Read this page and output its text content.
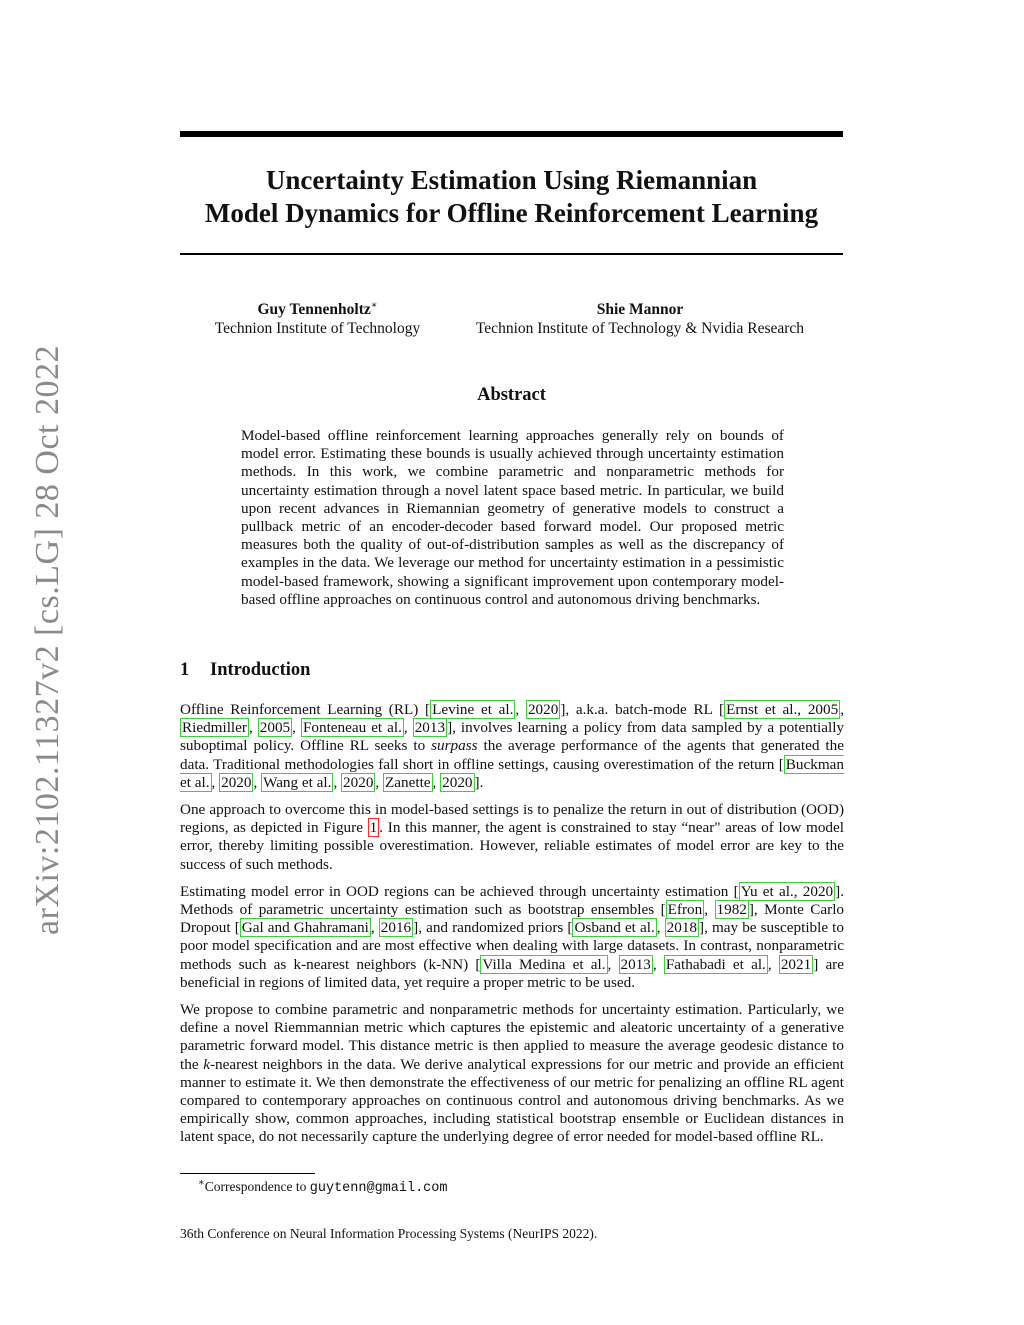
arXiv:2102.11327v2 [cs.LG] 28 Oct 2022
Uncertainty Estimation Using Riemannian
Model Dynamics for Offline Reinforcement Learning
Guy Tennenholtz∗
Technion Institute of Technology
Shie Mannor
Technion Institute of Technology & Nvidia Research
Abstract
Model-based offline reinforcement learning approaches generally rely on bounds of model error. Estimating these bounds is usually achieved through uncertainty estimation methods. In this work, we combine parametric and nonparametric methods for uncertainty estimation through a novel latent space based metric. In particular, we build upon recent advances in Riemannian geometry of generative models to construct a pullback metric of an encoder-decoder based forward model. Our proposed metric measures both the quality of out-of-distribution samples as well as the discrepancy of examples in the data. We leverage our method for uncertainty estimation in a pessimistic model-based framework, showing a significant improvement upon contemporary model-based offline approaches on continuous control and autonomous driving benchmarks.
1 Introduction

Offline Reinforcement Learning (RL) [ Levine et al. , 2020 ], a.k.a. batch-mode RL [ Ernst et al., 2005 , Riedmiller , 2005 , Fonteneau et al. , 2013 ], involves learning a policy from data sampled by a potentially suboptimal policy. Offline RL seeks to surpass the average performance of the agents that generated the data. Traditional methodologies fall short in offline settings, causing overestimation of the return [ Buckman et al. , 2020 , Wang et al. , 2020 , Zanette , 2020 ].

One approach to overcome this in model-based settings is to penalize the return in out of distribution (OOD) regions, as depicted in Figure 1 . In this manner, the agent is constrained to stay “near" areas of low model error, thereby limiting possible overestimation. However, reliable estimates of model error are key to the success of such methods.

Estimating model error in OOD regions can be achieved through uncertainty estimation [ Yu et al., 2020 ]. Methods of parametric uncertainty estimation such as bootstrap ensembles [ Efron , 1982 ], Monte Carlo Dropout [ Gal and Ghahramani , 2016 ], and randomized priors [ Osband et al. , 2018 ], may be susceptible to poor model specification and are most effective when dealing with large datasets. In contrast, nonparametric methods such as k-nearest neighbors (k-NN) [ Villa Medina et al. , 2013 , Fathabadi et al. , 2021 ] are beneficial in regions of limited data, yet require a proper metric to be used.

We propose to combine parametric and nonparametric methods for uncertainty estimation. Particularly, we define a novel Riemmannian metric which captures the epistemic and aleatoric uncertainty of a generative parametric forward model. This distance metric is then applied to measure the average geodesic distance to the k-nearest neighbors in the data. We derive analytical expressions for our metric and provide an efficient manner to estimate it. We then demonstrate the effectiveness of our metric for penalizing an offline RL agent compared to contemporary approaches on continuous control and autonomous driving benchmarks. As we empirically show, common approaches, including statistical bootstrap ensemble or Euclidean distances in latent space, do not necessarily capture the underlying degree of error needed for model-based offline RL.

∗Correspondence to guytenn@gmail.com
36th Conference on Neural Information Processing Systems (NeurIPS 2022).
